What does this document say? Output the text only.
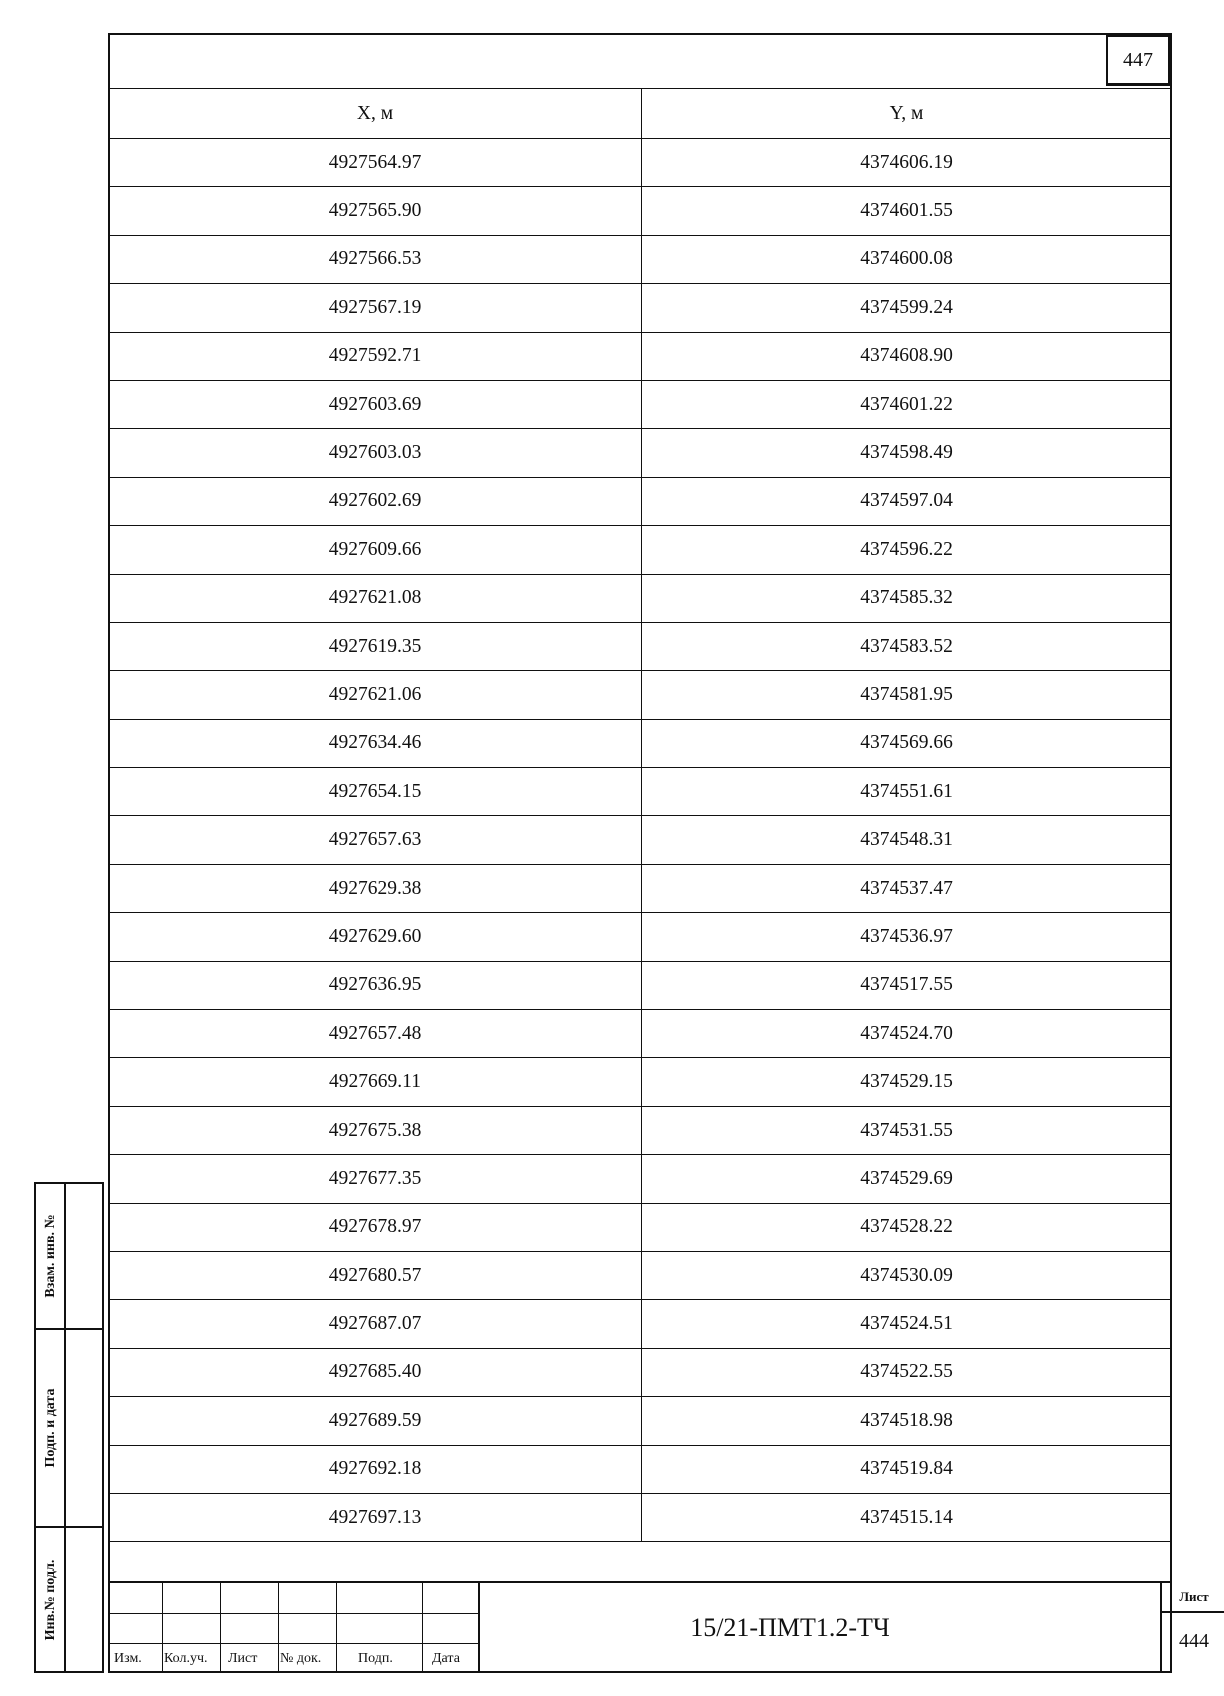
447
X, м	Y, м
4927564.97	4374606.19
4927565.90	4374601.55
4927566.53	4374600.08
4927567.19	4374599.24
4927592.71	4374608.90
4927603.69	4374601.22
4927603.03	4374598.49
4927602.69	4374597.04
4927609.66	4374596.22
4927621.08	4374585.32
4927619.35	4374583.52
4927621.06	4374581.95
4927634.46	4374569.66
4927654.15	4374551.61
4927657.63	4374548.31
4927629.38	4374537.47
4927629.60	4374536.97
4927636.95	4374517.55
4927657.48	4374524.70
4927669.11	4374529.15
4927675.38	4374531.55
4927677.35	4374529.69
4927678.97	4374528.22
4927680.57	4374530.09
4927687.07	4374524.51
4927685.40	4374522.55
4927689.59	4374518.98
4927692.18	4374519.84
4927697.13	4374515.14
Взам. инв. №
Подп. и дата
Инв.№ подл.
Изм. Кол.уч. Лист № док.	Подп.	Дата
15/21-ПМТ1.2-ТЧ
Лист
444
